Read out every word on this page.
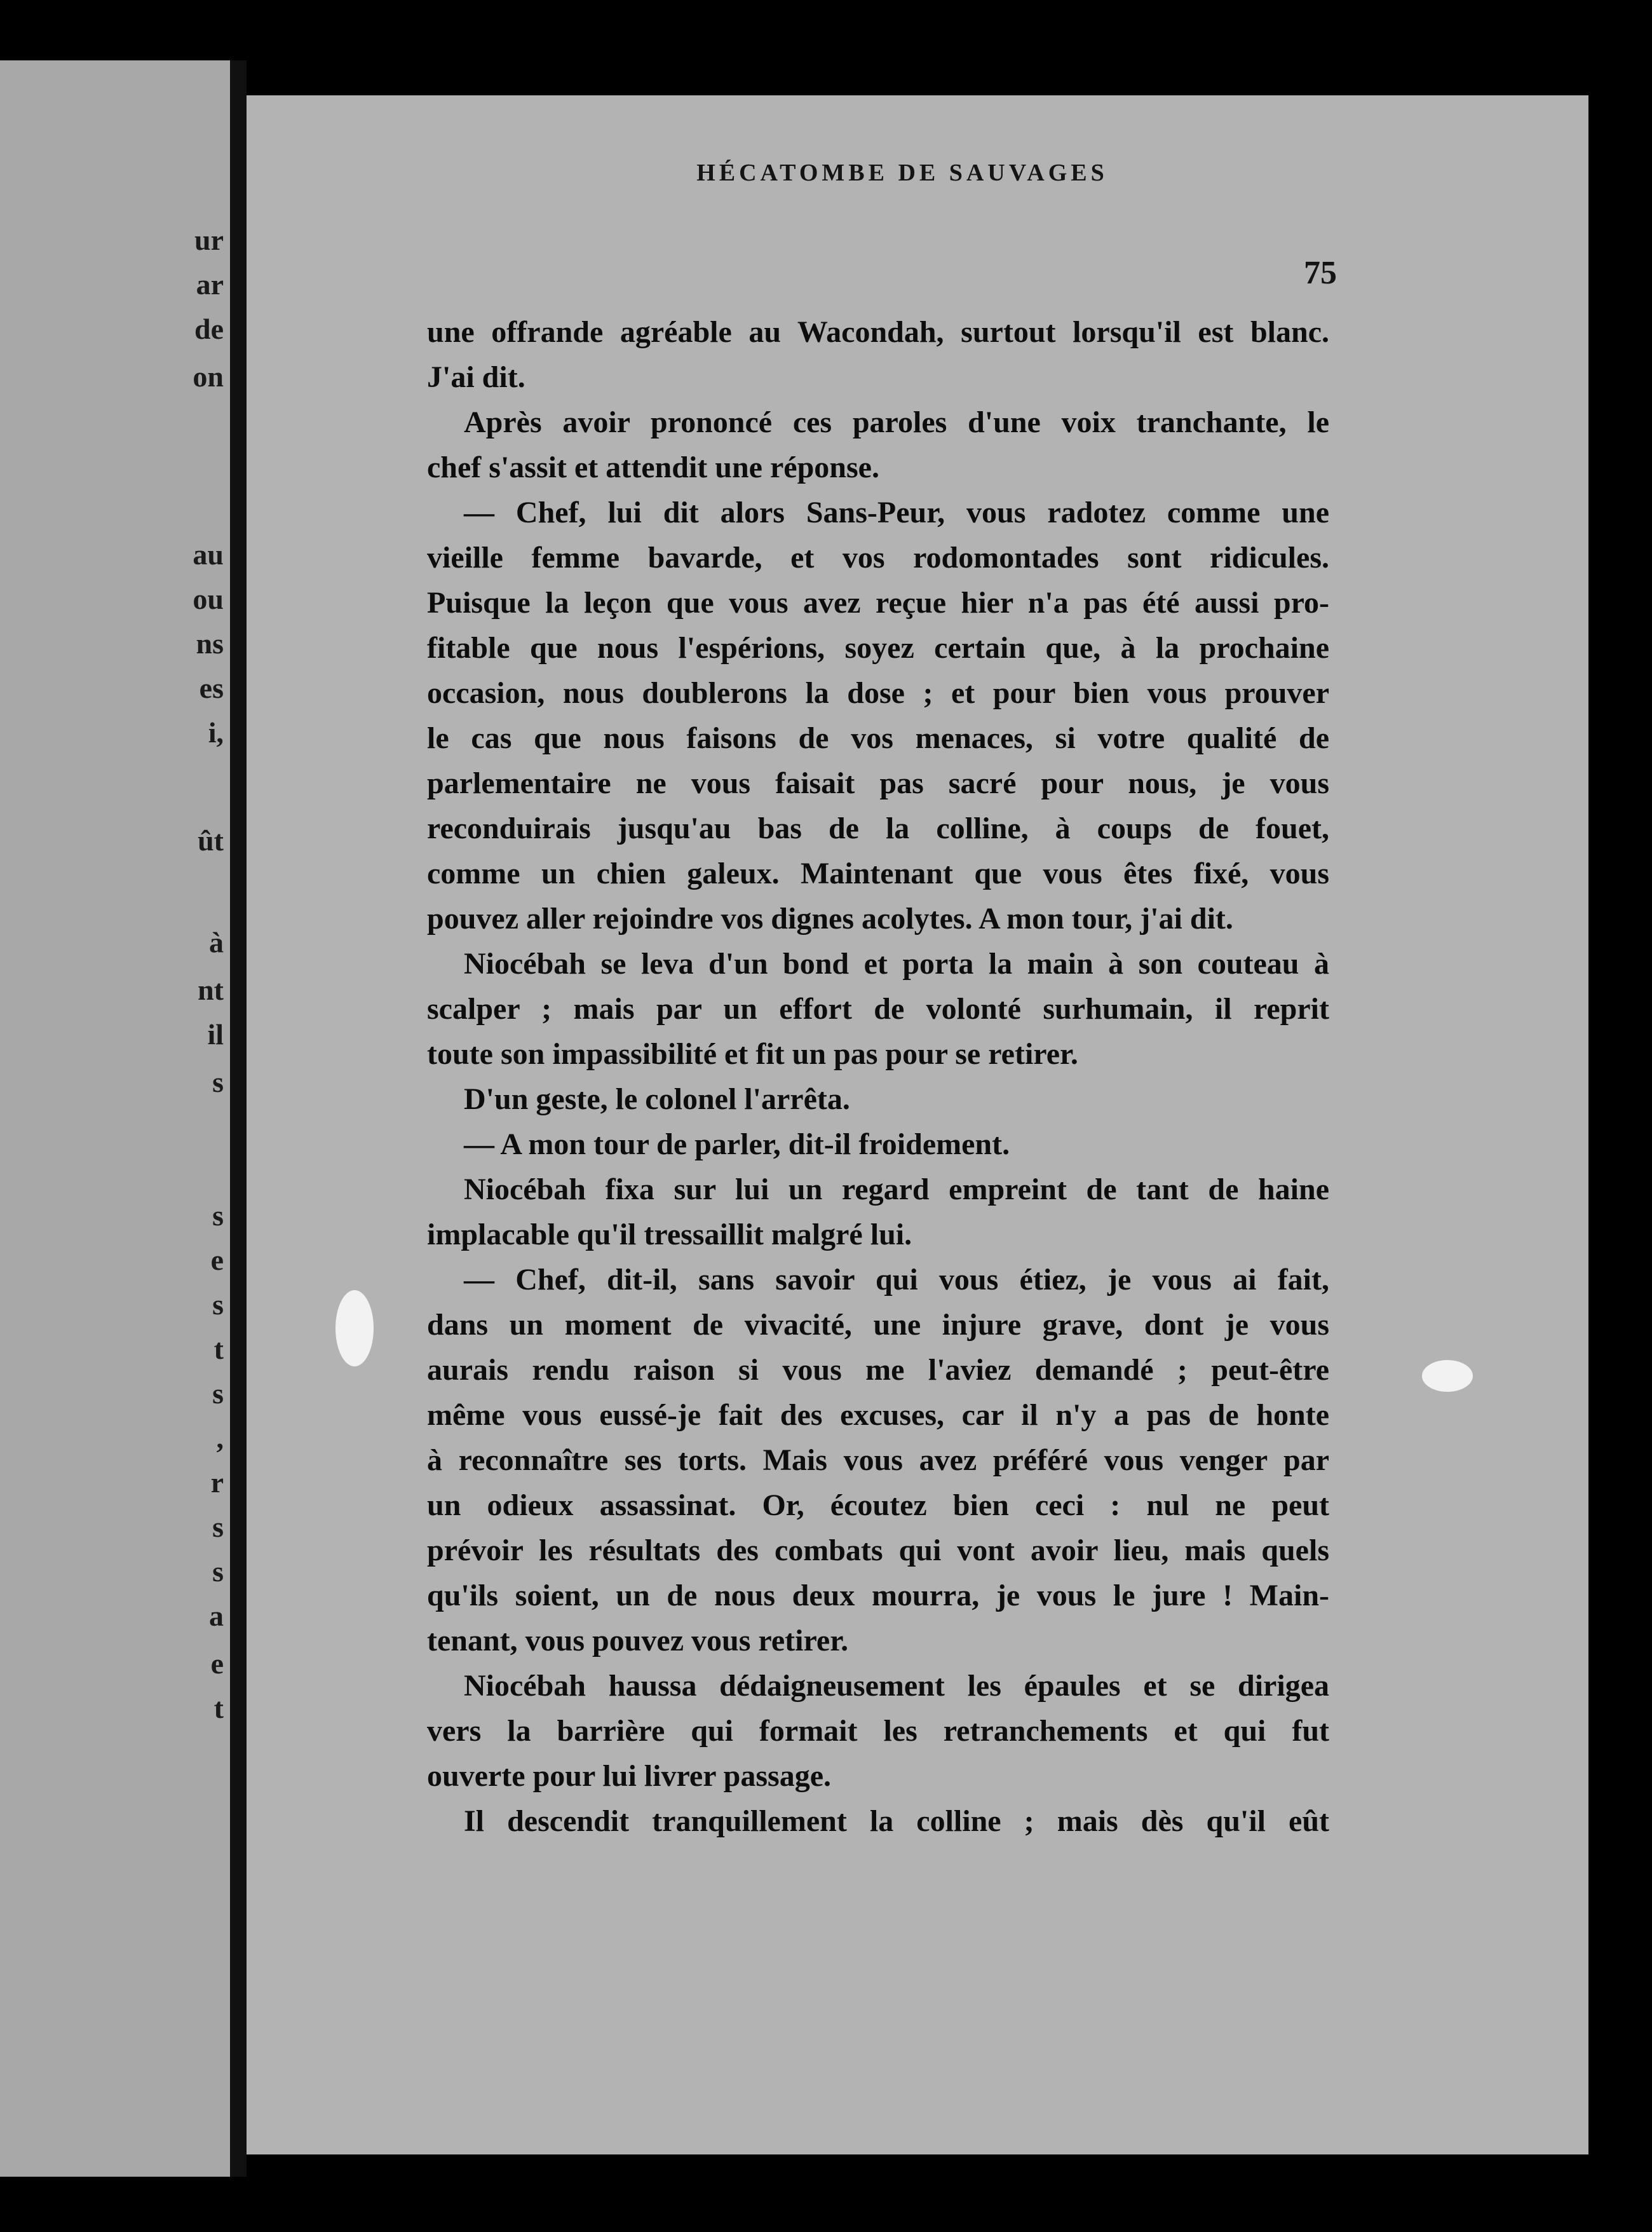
ur
ar
de
on
au
ou
ns
es
i,
ût
à
nt
il
s
s
e
s
t
s
,
r
s
s
a
e
t
HÉCATOMBE DE SAUVAGES
75
une offrande agréable au Wacondah, surtout lorsqu'il est blanc.
J'ai dit.
Après avoir prononcé ces paroles d'une voix tranchante, le
chef s'assit et attendit une réponse.
— Chef, lui dit alors Sans-Peur, vous radotez comme une
vieille femme bavarde, et vos rodomontades sont ridicules.
Puisque la leçon que vous avez reçue hier n'a pas été aussi pro-
fitable que nous l'espérions, soyez certain que, à la prochaine
occasion, nous doublerons la dose ; et pour bien vous prouver
le cas que nous faisons de vos menaces, si votre qualité de
parlementaire ne vous faisait pas sacré pour nous, je vous
reconduirais jusqu'au bas de la colline, à coups de fouet,
comme un chien galeux. Maintenant que vous êtes fixé, vous
pouvez aller rejoindre vos dignes acolytes. A mon tour, j'ai dit.
Niocébah se leva d'un bond et porta la main à son couteau à
scalper ; mais par un effort de volonté surhumain, il reprit
toute son impassibilité et fit un pas pour se retirer.
D'un geste, le colonel l'arrêta.
— A mon tour de parler, dit-il froidement.
Niocébah fixa sur lui un regard empreint de tant de haine
implacable qu'il tressaillit malgré lui.
— Chef, dit-il, sans savoir qui vous étiez, je vous ai fait,
dans un moment de vivacité, une injure grave, dont je vous
aurais rendu raison si vous me l'aviez demandé ; peut-être
même vous eussé-je fait des excuses, car il n'y a pas de honte
à reconnaître ses torts. Mais vous avez préféré vous venger par
un odieux assassinat. Or, écoutez bien ceci : nul ne peut
prévoir les résultats des combats qui vont avoir lieu, mais quels
qu'ils soient, un de nous deux mourra, je vous le jure ! Main-
tenant, vous pouvez vous retirer.
Niocébah haussa dédaigneusement les épaules et se dirigea
vers la barrière qui formait les retranchements et qui fut
ouverte pour lui livrer passage.
Il descendit tranquillement la colline ; mais dès qu'il eût
